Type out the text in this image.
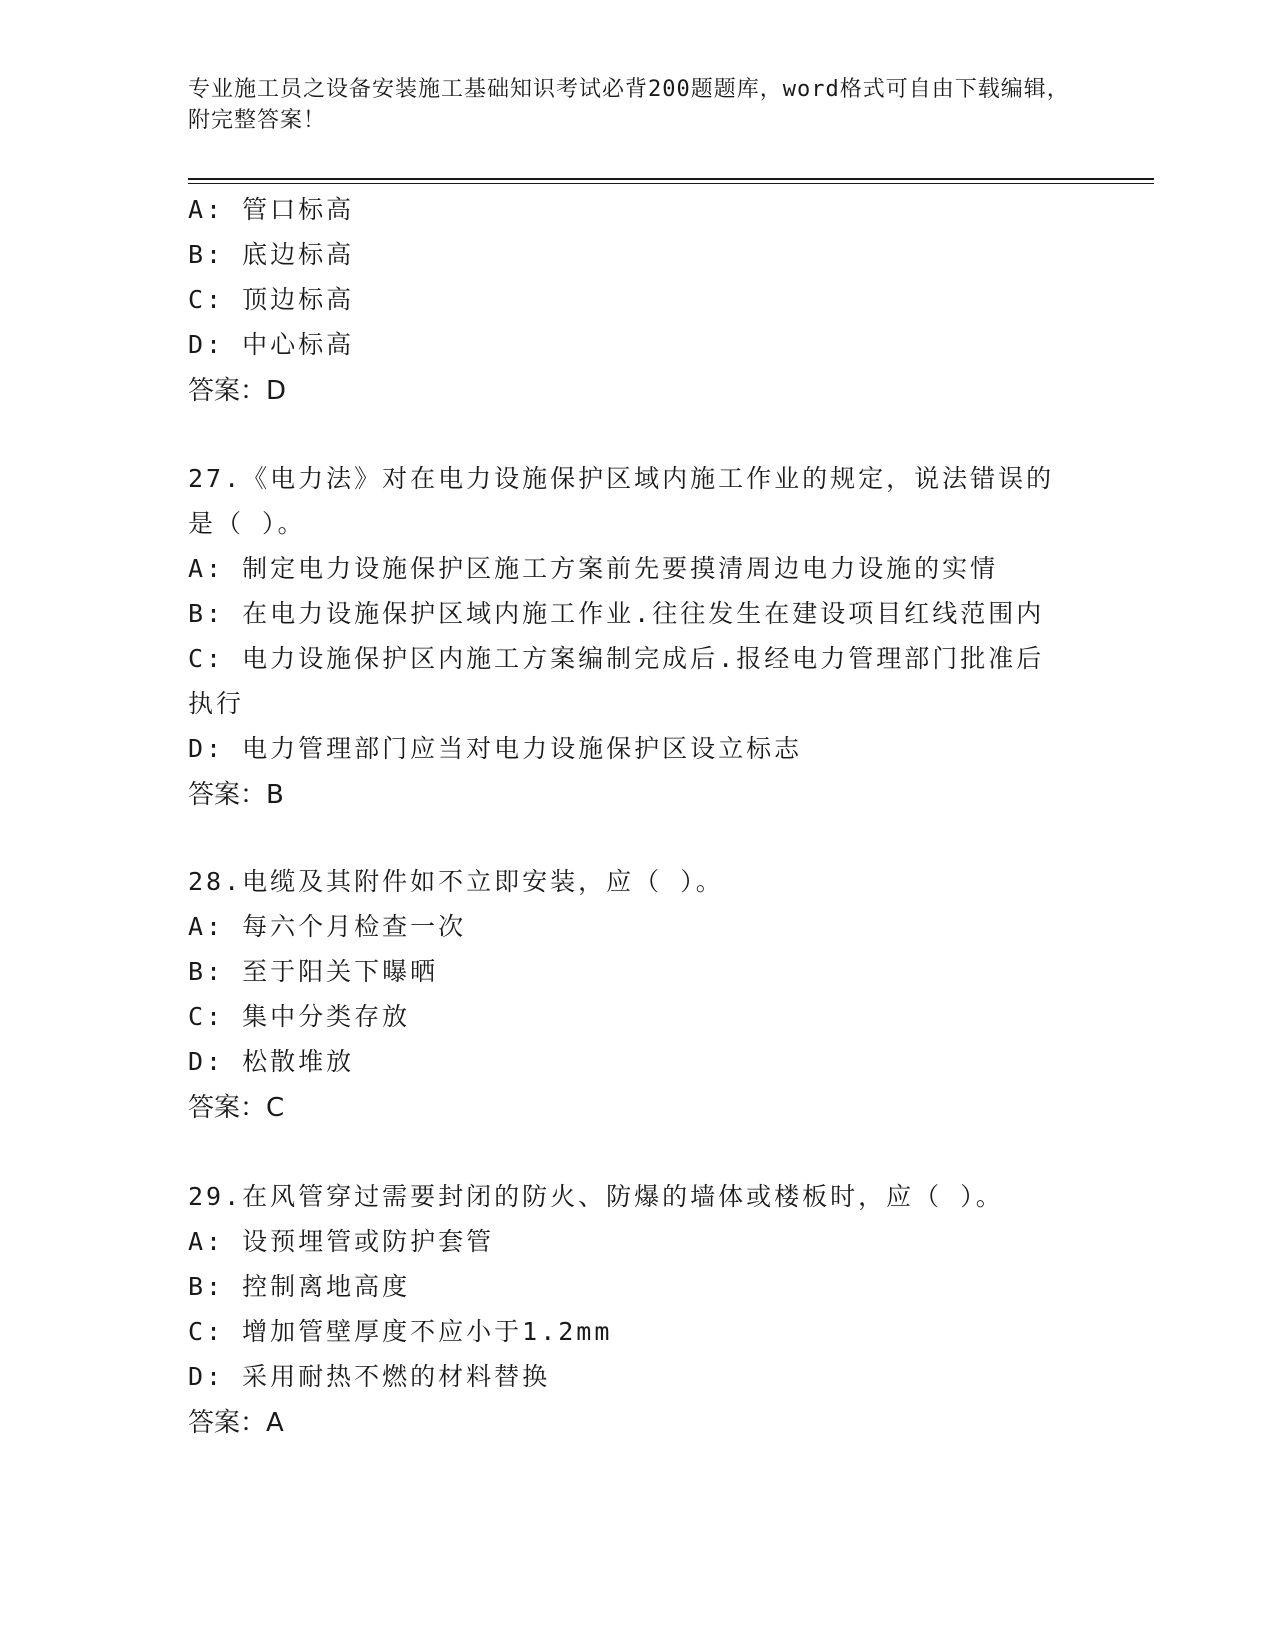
专业施工员之设备安装施工基础知识考试必背200题题库，word格式可自由下载编辑，附完整答案！
A: 管口标高
B: 底边标高
C: 顶边标高
D: 中心标高
答案：D
27.《电力法》对在电力设施保护区域内施工作业的规定，说法错误的
是（ ）。
A: 制定电力设施保护区施工方案前先要摸清周边电力设施的实情
B: 在电力设施保护区域内施工作业.往往发生在建设项目红线范围内
C: 电力设施保护区内施工方案编制完成后.报经电力管理部门批准后
执行
D: 电力管理部门应当对电力设施保护区设立标志
答案：B
28.电缆及其附件如不立即安装，应（ ）。
A: 每六个月检查一次
B: 至于阳关下曝晒
C: 集中分类存放
D: 松散堆放
答案：C
29.在风管穿过需要封闭的防火、防爆的墙体或楼板时，应（ ）。
A: 设预埋管或防护套管
B: 控制离地高度
C: 增加管壁厚度不应小于1.2mm
D: 采用耐热不燃的材料替换
答案：A
